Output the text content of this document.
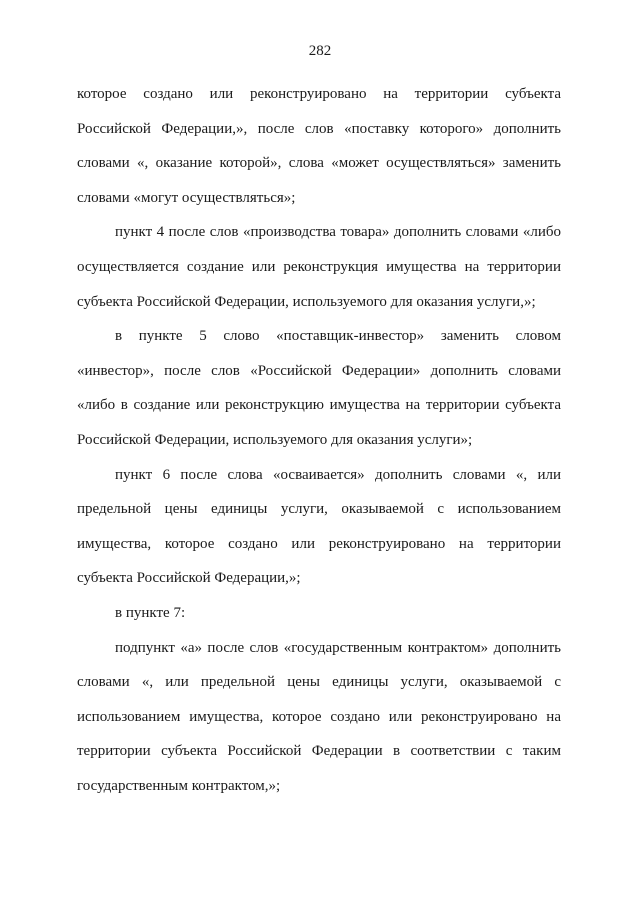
282

которое создано или реконструировано на территории субъекта
Российской Федерации,», после слов «поставку которого» дополнить
словами «, оказание которой», слова «может осуществляться» заменить
словами «могут осуществляться»;

пункт 4 после слов «производства товара» дополнить словами «либо
осуществляется создание или реконструкция имущества на территории
субъекта Российской Федерации, используемого для оказания услуги,»;

в пункте 5 слово «поставщик-инвестор» заменить словом
«инвестор», после слов «Российской Федерации» дополнить словами
«либо в создание или реконструкцию имущества на территории субъекта
Российской Федерации, используемого для оказания услуги»;

пункт 6 после слова «осваивается» дополнить словами «, или
предельной цены единицы услуги, оказываемой с использованием
имущества, которое создано или реконструировано на территории
субъекта Российской Федерации,»;

в пункте 7:

подпункт «а» после слов «государственным контрактом» дополнить
словами «, или предельной цены единицы услуги, оказываемой с
использованием имущества, которое создано или реконструировано на
территории субъекта Российской Федерации в соответствии с таким
государственным контрактом,»;
